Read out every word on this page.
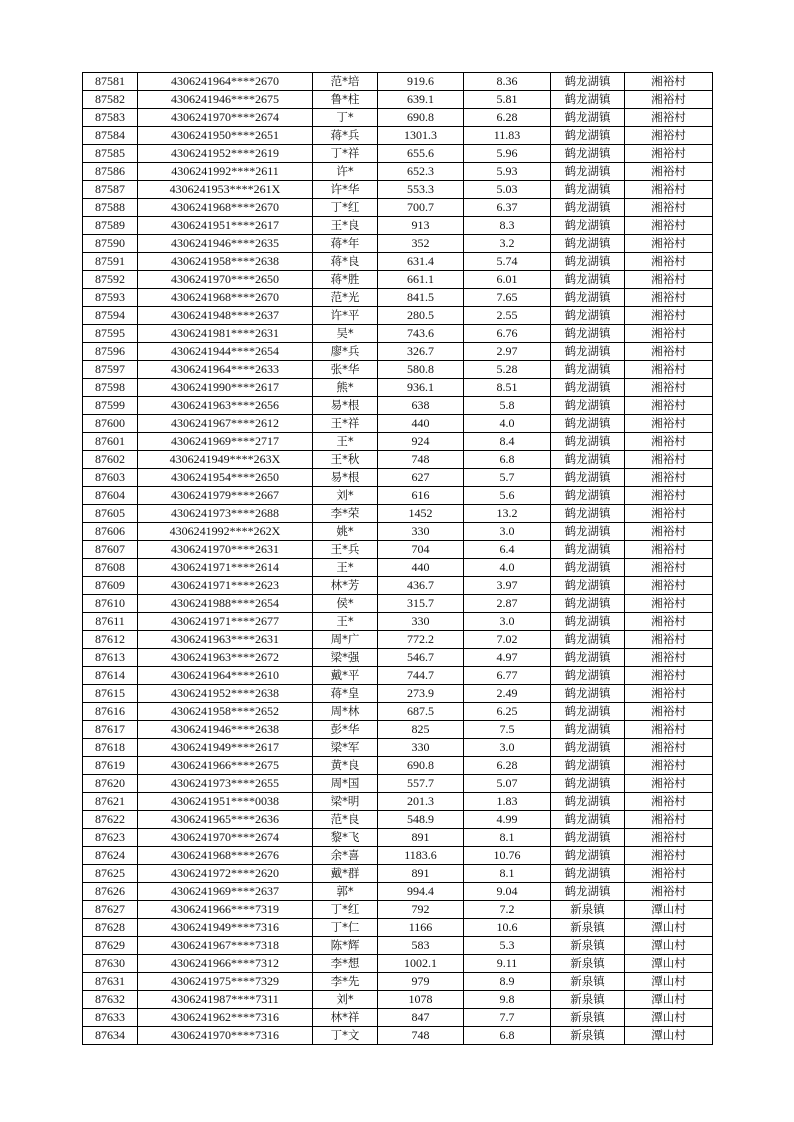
87581	4306241964****2670	范*培	919.6	8.36	鹤龙湖镇	湘裕村
87582	4306241946****2675	鲁*柱	639.1	5.81	鹤龙湖镇	湘裕村
87583	4306241970****2674	丁*	690.8	6.28	鹤龙湖镇	湘裕村
87584	4306241950****2651	蒋*兵	1301.3	11.83	鹤龙湖镇	湘裕村
87585	4306241952****2619	丁*祥	655.6	5.96	鹤龙湖镇	湘裕村
87586	4306241992****2611	许*	652.3	5.93	鹤龙湖镇	湘裕村
87587	4306241953****261X	许*华	553.3	5.03	鹤龙湖镇	湘裕村
87588	4306241968****2670	丁*红	700.7	6.37	鹤龙湖镇	湘裕村
87589	4306241951****2617	王*良	913	8.3	鹤龙湖镇	湘裕村
87590	4306241946****2635	蒋*年	352	3.2	鹤龙湖镇	湘裕村
87591	4306241958****2638	蒋*良	631.4	5.74	鹤龙湖镇	湘裕村
87592	4306241970****2650	蒋*胜	661.1	6.01	鹤龙湖镇	湘裕村
87593	4306241968****2670	范*光	841.5	7.65	鹤龙湖镇	湘裕村
87594	4306241948****2637	许*平	280.5	2.55	鹤龙湖镇	湘裕村
87595	4306241981****2631	吴*	743.6	6.76	鹤龙湖镇	湘裕村
87596	4306241944****2654	廖*兵	326.7	2.97	鹤龙湖镇	湘裕村
87597	4306241964****2633	张*华	580.8	5.28	鹤龙湖镇	湘裕村
87598	4306241990****2617	熊*	936.1	8.51	鹤龙湖镇	湘裕村
87599	4306241963****2656	易*根	638	5.8	鹤龙湖镇	湘裕村
87600	4306241967****2612	王*祥	440	4.0	鹤龙湖镇	湘裕村
87601	4306241969****2717	王*	924	8.4	鹤龙湖镇	湘裕村
87602	4306241949****263X	王*秋	748	6.8	鹤龙湖镇	湘裕村
87603	4306241954****2650	易*根	627	5.7	鹤龙湖镇	湘裕村
87604	4306241979****2667	刘*	616	5.6	鹤龙湖镇	湘裕村
87605	4306241973****2688	李*荣	1452	13.2	鹤龙湖镇	湘裕村
87606	4306241992****262X	姚*	330	3.0	鹤龙湖镇	湘裕村
87607	4306241970****2631	王*兵	704	6.4	鹤龙湖镇	湘裕村
87608	4306241971****2614	王*	440	4.0	鹤龙湖镇	湘裕村
87609	4306241971****2623	林*芳	436.7	3.97	鹤龙湖镇	湘裕村
87610	4306241988****2654	侯*	315.7	2.87	鹤龙湖镇	湘裕村
87611	4306241971****2677	王*	330	3.0	鹤龙湖镇	湘裕村
87612	4306241963****2631	周*广	772.2	7.02	鹤龙湖镇	湘裕村
87613	4306241963****2672	梁*强	546.7	4.97	鹤龙湖镇	湘裕村
87614	4306241964****2610	戴*平	744.7	6.77	鹤龙湖镇	湘裕村
87615	4306241952****2638	蒋*皇	273.9	2.49	鹤龙湖镇	湘裕村
87616	4306241958****2652	周*林	687.5	6.25	鹤龙湖镇	湘裕村
87617	4306241946****2638	彭*华	825	7.5	鹤龙湖镇	湘裕村
87618	4306241949****2617	梁*军	330	3.0	鹤龙湖镇	湘裕村
87619	4306241966****2675	黄*良	690.8	6.28	鹤龙湖镇	湘裕村
87620	4306241973****2655	周*国	557.7	5.07	鹤龙湖镇	湘裕村
87621	4306241951****0038	梁*明	201.3	1.83	鹤龙湖镇	湘裕村
87622	4306241965****2636	范*良	548.9	4.99	鹤龙湖镇	湘裕村
87623	4306241970****2674	黎*飞	891	8.1	鹤龙湖镇	湘裕村
87624	4306241968****2676	余*喜	1183.6	10.76	鹤龙湖镇	湘裕村
87625	4306241972****2620	戴*群	891	8.1	鹤龙湖镇	湘裕村
87626	4306241969****2637	郭*	994.4	9.04	鹤龙湖镇	湘裕村
87627	4306241966****7319	丁*红	792	7.2	新泉镇	潭山村
87628	4306241949****7316	丁*仁	1166	10.6	新泉镇	潭山村
87629	4306241967****7318	陈*辉	583	5.3	新泉镇	潭山村
87630	4306241966****7312	李*想	1002.1	9.11	新泉镇	潭山村
87631	4306241975****7329	李*先	979	8.9	新泉镇	潭山村
87632	4306241987****7311	刘*	1078	9.8	新泉镇	潭山村
87633	4306241962****7316	林*祥	847	7.7	新泉镇	潭山村
87634	4306241970****7316	丁*文	748	6.8	新泉镇	潭山村
